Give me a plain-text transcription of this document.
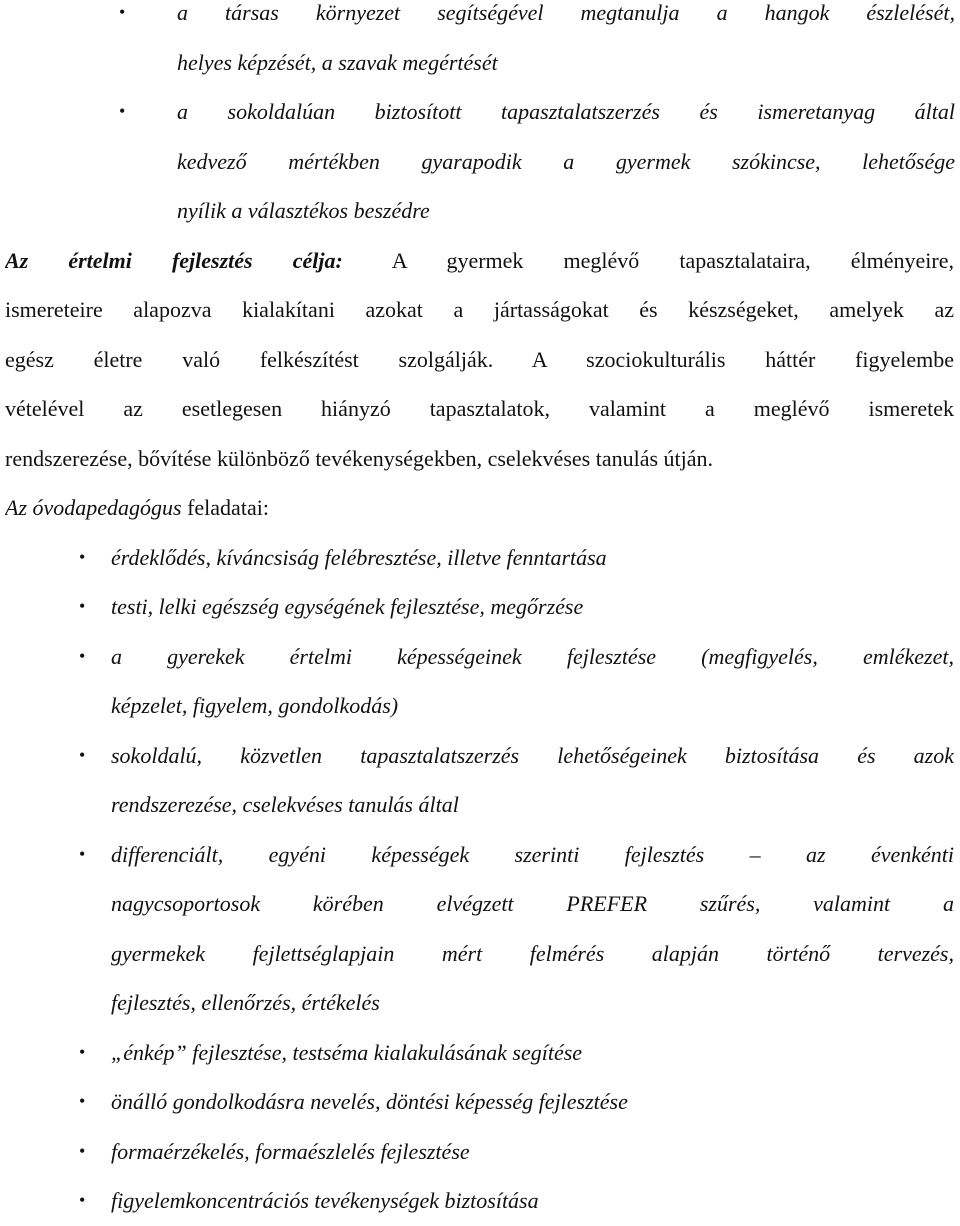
• a társas környezet segítségével megtanulja a hangok észlelését,
helyes képzését, a szavak megértését
• a sokoldalúan biztosított tapasztalatszerzés és ismeretanyag által
kedvező mértékben gyarapodik a gyermek szókincse, lehetősége
nyílik a választékos beszédre
Az értelmi fejlesztés célja: A gyermek meglévő tapasztalataira, élményeire,
ismereteire alapozva kialakítani azokat a jártasságokat és készségeket, amelyek az
egész életre való felkészítést szolgálják. A szociokulturális háttér figyelembe
vételével az esetlegesen hiányzó tapasztalatok, valamint a meglévő ismeretek
rendszerezése, bővítése különböző tevékenységekben, cselekvéses tanulás útján.
Az óvodapedagógus feladatai:
• érdeklődés, kíváncsiság felébresztése, illetve fenntartása
• testi, lelki egészség egységének fejlesztése, megőrzése
• a gyerekek értelmi képességeinek fejlesztése (megfigyelés, emlékezet,
képzelet, figyelem, gondolkodás)
• sokoldalú, közvetlen tapasztalatszerzés lehetőségeinek biztosítása és azok
rendszerezése, cselekvéses tanulás által
• differenciált, egyéni képességek szerinti fejlesztés – az évenkénti
nagycsoportosok körében elvégzett PREFER szűrés, valamint a
gyermekek fejlettséglapjain mért felmérés alapján történő tervezés,
fejlesztés, ellenőrzés, értékelés
• „énkép” fejlesztése, testséma kialakulásának segítése
• önálló gondolkodásra nevelés, döntési képesség fejlesztése
• formaérzékelés, formaészlelés fejlesztése
• figyelemkoncentrációs tevékenységek biztosítása
